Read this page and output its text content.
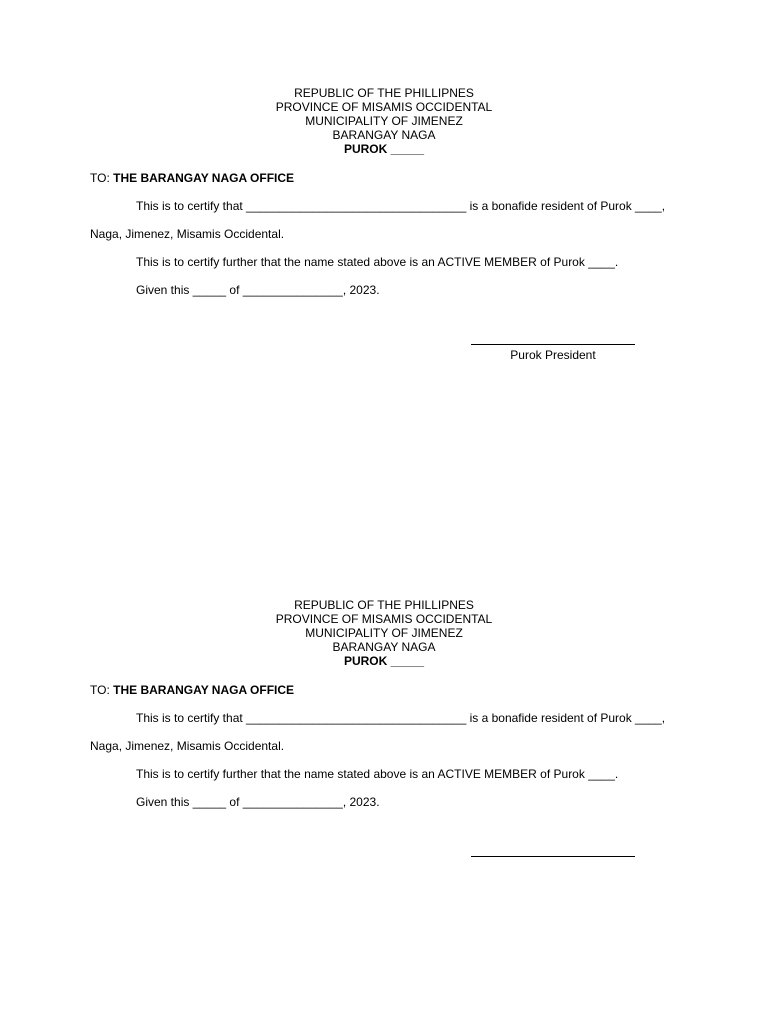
REPUBLIC OF THE PHILLIPNES
PROVINCE OF MISAMIS OCCIDENTAL
MUNICIPALITY OF JIMENEZ
BARANGAY NAGA
PUROK _____
TO: THE BARANGAY NAGA OFFICE
This is to certify that _________________________________ is a bonafide resident of Purok ____,
Naga, Jimenez, Misamis Occidental.
This is to certify further that the name stated above is an ACTIVE MEMBER of Purok ____.
Given this _____ of _______________, 2023.
Purok President
REPUBLIC OF THE PHILLIPNES
PROVINCE OF MISAMIS OCCIDENTAL
MUNICIPALITY OF JIMENEZ
BARANGAY NAGA
PUROK _____
TO: THE BARANGAY NAGA OFFICE
This is to certify that _________________________________ is a bonafide resident of Purok ____,
Naga, Jimenez, Misamis Occidental.
This is to certify further that the name stated above is an ACTIVE MEMBER of Purok ____.
Given this _____ of _______________, 2023.
